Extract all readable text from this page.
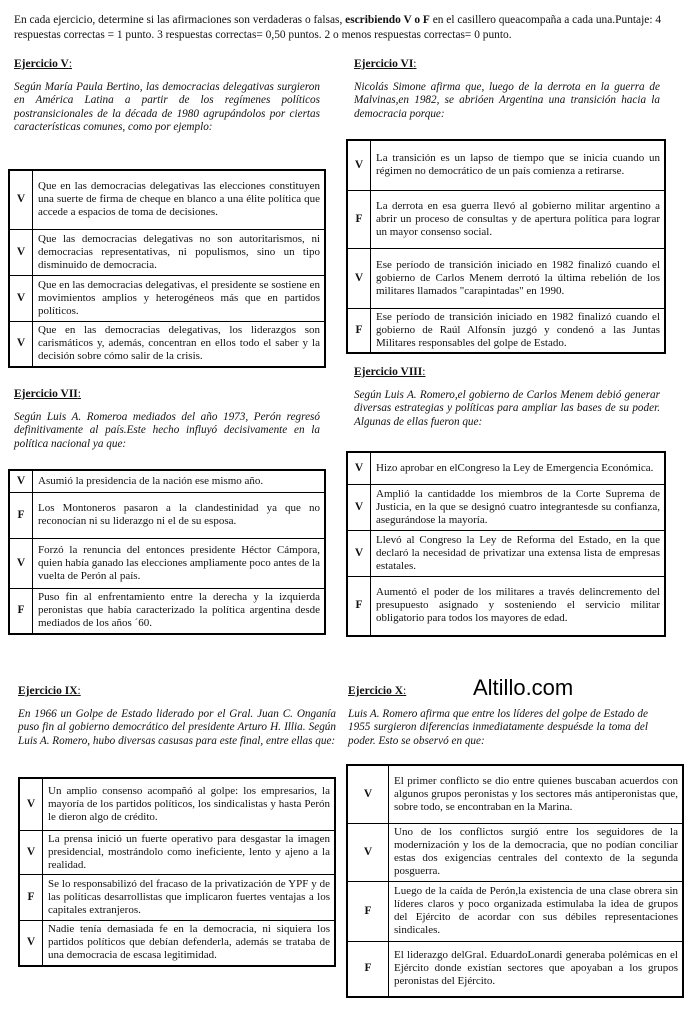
En cada ejercicio, determine si las afirmaciones son verdaderas o falsas, escribiendo V o F en el casillero queacompaña a cada una.Puntaje: 4 respuestas correctas = 1 punto. 3 respuestas correctas= 0,50 puntos. 2 o menos respuestas correctas= 0 punto.
Ejercicio V:

Según María Paula Bertino, las democracias delegativas surgieron en América Latina a partir de los regímenes políticos postransicionales de la década de 1980 agrupándolos por ciertas características comunes, como por ejemplo:

V	Que en las democracias delegativas las elecciones constituyen una suerte de firma de cheque en blanco a una élite política que accede a espacios de toma de decisiones.
V	Que las democracias delegativas no son autoritarismos, ni democracias representativas, ni populismos, sino un tipo disminuido de democracia.
V	Que en las democracias delegativas, el presidente se sostiene en movimientos amplios y heterogéneos más que en partidos políticos.
V	Que en las democracias delegativas, los liderazgos son carismáticos y, además, concentran en ellos todo el saber y la decisión sobre cómo salir de la crisis.
Ejercicio VI:

Nicolás Simone afirma que, luego de la derrota en la guerra de Malvinas,en 1982, se abrióen Argentina una transición hacia la democracia porque:

V	La transición es un lapso de tiempo que se inicia cuando un régimen no democrático de un país comienza a retirarse.
F	La derrota en esa guerra llevó al gobierno militar argentino a abrir un proceso de consultas y de apertura política para lograr un mayor consenso social.
V	Ese período de transición iniciado en 1982 finalizó cuando el gobierno de Carlos Menem derrotó la última rebelión de los militares llamados "carapintadas" en 1990.
F	Ese período de transición iniciado en 1982 finalizó cuando el gobierno de Raúl Alfonsín juzgó y condenó a las Juntas Militares responsables del golpe de Estado.
Ejercicio VII:

Según Luis A. Romeroa mediados del año 1973, Perón regresó definitivamente al país.Este hecho influyó decisivamente en la política nacional ya que:

V	Asumió la presidencia de la nación ese mismo año.
F	Los Montoneros pasaron a la clandestinidad ya que no reconocían ni su liderazgo ni el de su esposa.
V	Forzó la renuncia del entonces presidente Héctor Cámpora, quien había ganado las elecciones ampliamente poco antes de la vuelta de Perón al país.
F	Puso fin al enfrentamiento entre la derecha y la izquierda peronistas que había caracterizado la política argentina desde mediados de los años ´60.
Ejercicio VIII:

Según Luis A. Romero,el gobierno de Carlos Menem debió generar diversas estrategias y políticas para ampliar las bases de su poder. Algunas de ellas fueron que:

V	Hizo aprobar en elCongreso la Ley de Emergencia Económica.
V	Amplió la cantidadde los miembros de la Corte Suprema de Justicia, en la que se designó cuatro integrantesde su confianza, asegurándose la mayoría.
V	Llevó al Congreso la Ley de Reforma del Estado, en la que declaró la necesidad de privatizar una extensa lista de empresas estatales.
F	Aumentó el poder de los militares a través delincremento del presupuesto asignado y sosteniendo el servicio militar obligatorio para todos los mayores de edad.
Ejercicio IX:

En 1966 un Golpe de Estado liderado por el Gral. Juan C. Onganía puso fin al gobierno democrático del presidente Arturo H. Illia. Según Luis A. Romero, hubo diversas casusas para este final, entre ellas que:

V	Un amplio consenso acompañó al golpe: los empresarios, la mayoría de los partidos políticos, los sindicalistas y hasta Perón le dieron algo de crédito.
V	La prensa inició un fuerte operativo para desgastar la imagen presidencial, mostrándolo como ineficiente, lento y ajeno a la realidad.
F	Se lo responsabilizó del fracaso de la privatización de YPF y de las políticas desarrollistas que implicaron fuertes ventajas a los capitales extranjeros.
V	Nadie tenía demasiada fe en la democracia, ni siquiera los partidos políticos que debían defenderla, además se trataba de una democracia de escasa legitimidad.
Ejercicio X:

Luis A. Romero afirma que entre los líderes del golpe de Estado de 1955 surgieron diferencias inmediatamente despuésde la toma del poder. Esto se observó en que:

V	El primer conflicto se dio entre quienes buscaban acuerdos con algunos grupos peronistas y los sectores más antiperonistas que, sobre todo, se encontraban en la Marina.
V	Uno de los conflictos surgió entre los seguidores de la modernización y los de la democracia, que no podían conciliar estas dos exigencias centrales del contexto de la segunda posguerra.
F	Luego de la caída de Perón,la existencia de una clase obrera sin líderes claros y poco organizada estimulaba la idea de grupos del Ejército de acordar con sus débiles representaciones sindicales.
F	El liderazgo delGral. EduardoLonardi generaba polémicas en el Ejército donde existían sectores que apoyaban a los grupos peronistas del Ejército.
Altillo.com
